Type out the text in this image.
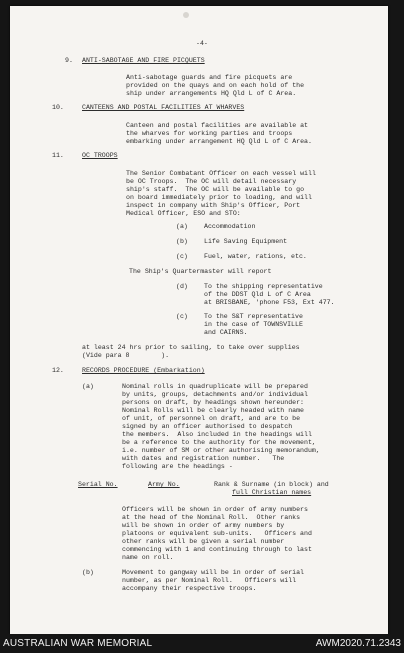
-4-
9. ANTI-SABOTAGE AND FIRE PICQUETS
Anti-sabotage guards and fire picquets are
provided on the quays and on each hold of the
ship under arrangements HQ Qld L of C Area.
10.	CANTEENS AND POSTAL FACILITIES AT WHARVES
Canteen and postal facilities are available at
the wharves for working parties and troops
embarking under arrangement HQ Qld L of C Area.
11.	OC TROOPS
The Senior Combatant Officer on each vessel will
be OC Troops.  The OC will detail necessary
ship's staff.  The OC will be available to go
on board immediately prior to loading, and will
inspect in company with Ship's Officer, Port
Medical Officer, ESO and STO:
(a) Accommodation
(b) Life Saving Equipment
(c) Fuel, water, rations, etc.
The Ship's Quartermaster will report
(d) To the shipping representative
of the DDST Qld L of C Area
at BRISBANE, 'phone F53, Ext 477.
(c) To the S&T representative
in the case of TOWNSVILLE
and CAIRNS.
at least 24 hrs prior to sailing, to take over supplies
(Vide para 8        ).
12.	RECORDS PROCEDURE (Embarkation)
(a)	Nominal rolls in quadruplicate will be prepared
by units, groups, detachments and/or individual
persons on draft, by headings shown hereunder:
Nominal Rolls will be clearly headed with name
of unit, of personnel on draft, and are to be
signed by an officer authorised to despatch
the members.  Also included in the headings will
be a reference to the authority for the movement,
i.e. number of SM or other authorising memorandum,
with dates and registration number.   The
following are the headings -
Serial No.	Army No.	Rank & Surname (in block) and
full Christian names
Officers will be shown in order of army numbers
at the head of the Nominal Roll.  Other ranks
will be shown in order of army numbers by
platoons or equivalent sub-units.   Officers and
other ranks will be given a serial number
commencing with 1 and continuing through to last
name on roll.
(b)	Movement to gangway will be in order of serial
number, as per Nominal Roll.   Officers will
accompany their respective troops.
AUSTRALIAN WAR MEMORIAL	AWM2020.71.2343
